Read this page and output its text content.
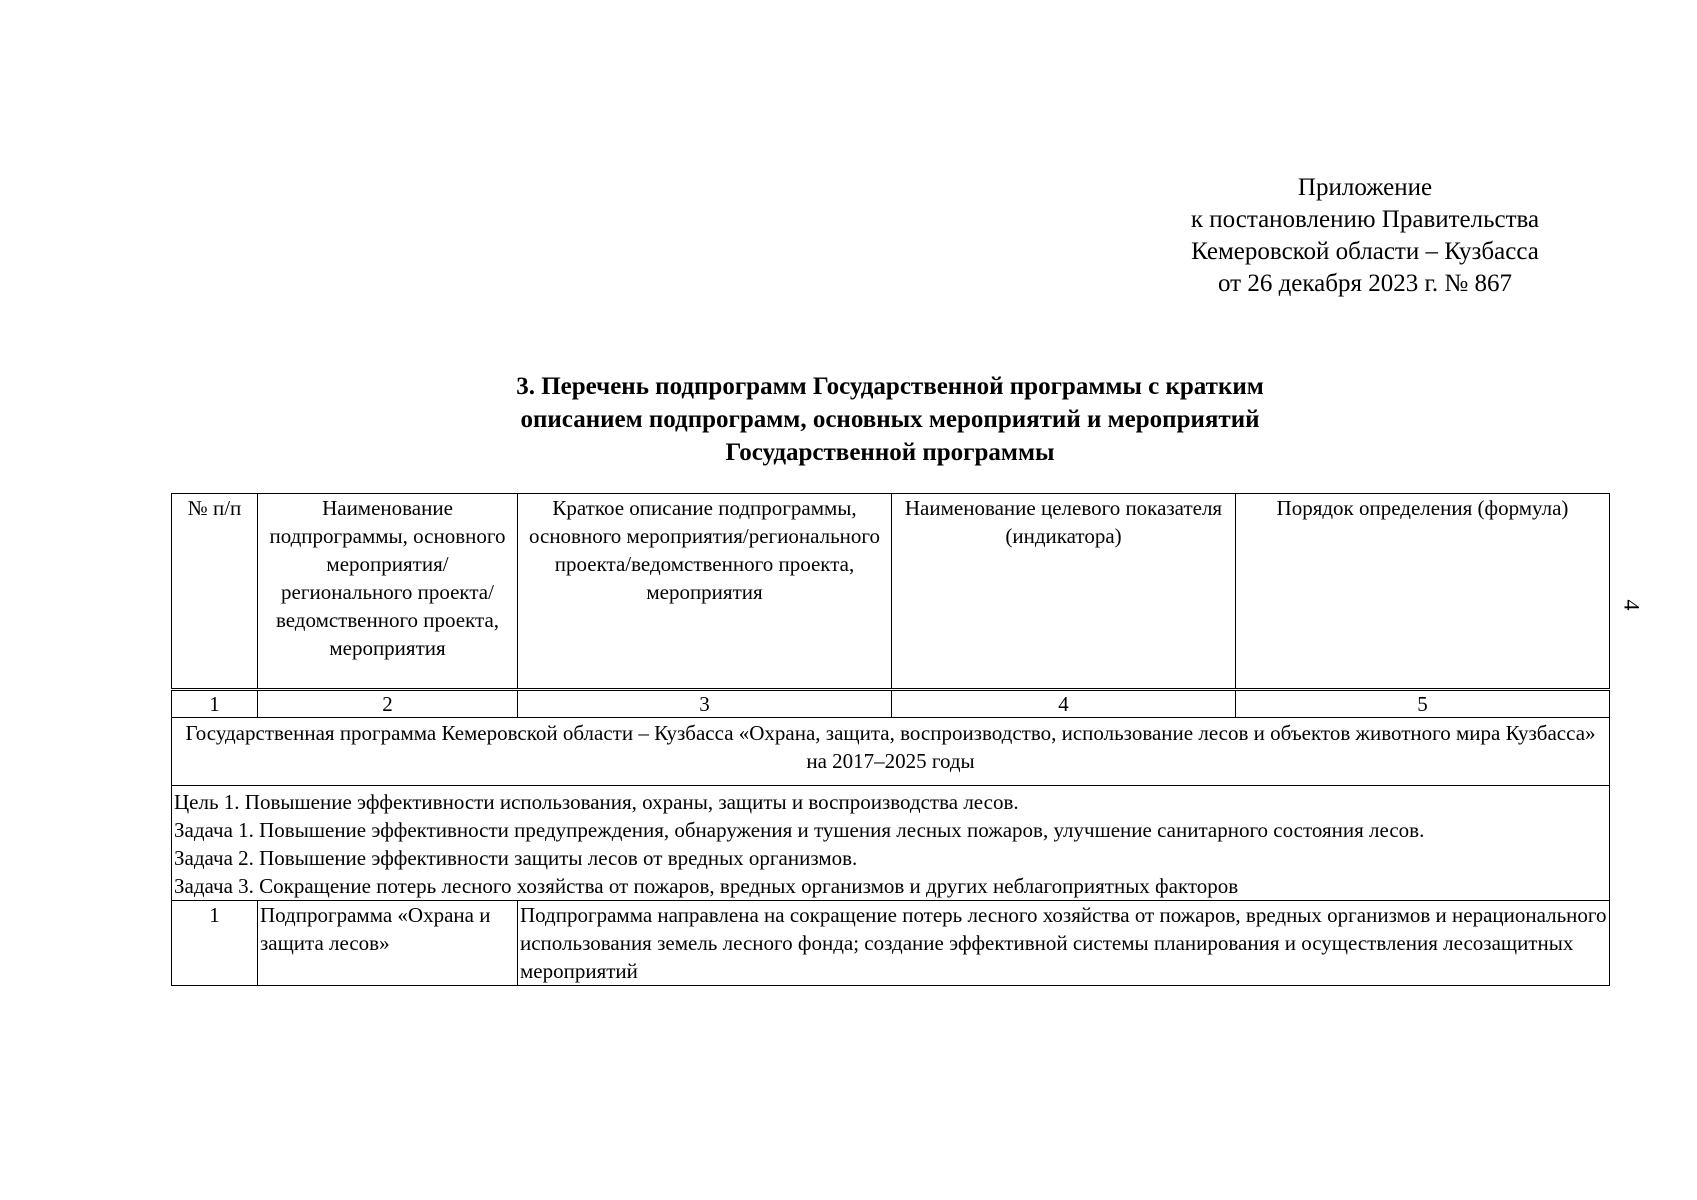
Приложение
к постановлению Правительства
Кемеровской области – Кузбасса
от 26 декабря 2023 г. № 867
4
3. Перечень подпрограмм Государственной программы с кратким
описанием подпрограмм, основных мероприятий и мероприятий
Государственной программы
№ п/п	Наименование подпрограммы, основного мероприятия/ регионального проекта/ ведомственного проекта, мероприятия	Краткое описание подпрограммы, основного мероприятия/регионального проекта/ведомственного проекта, мероприятия	Наименование целевого показателя (индикатора)	Порядок определения (формула)
1	2	3	4	5
Государственная программа Кемеровской области – Кузбасса «Охрана, защита, воспроизводство, использование лесов и объектов животного мира Кузбасса» на 2017–2025 годы				

Цель 1. Повышение эффективности использования, охраны, защиты и воспроизводства лесов.
Задача 1. Повышение эффективности предупреждения, обнаружения и тушения лесных пожаров, улучшение санитарного состояния лесов.
Задача 2. Повышение эффективности защиты лесов от вредных организмов.
Задача 3. Сокращение потерь лесного хозяйства от пожаров, вредных организмов и других неблагоприятных факторов				

1	Подпрограмма «Охрана и защита лесов»	Подпрограмма направлена на сокращение потерь лесного хозяйства от пожаров, вредных организмов и нерационального использования земель лесного фонда; создание эффективной системы планирования и осуществления лесозащитных мероприятий		
